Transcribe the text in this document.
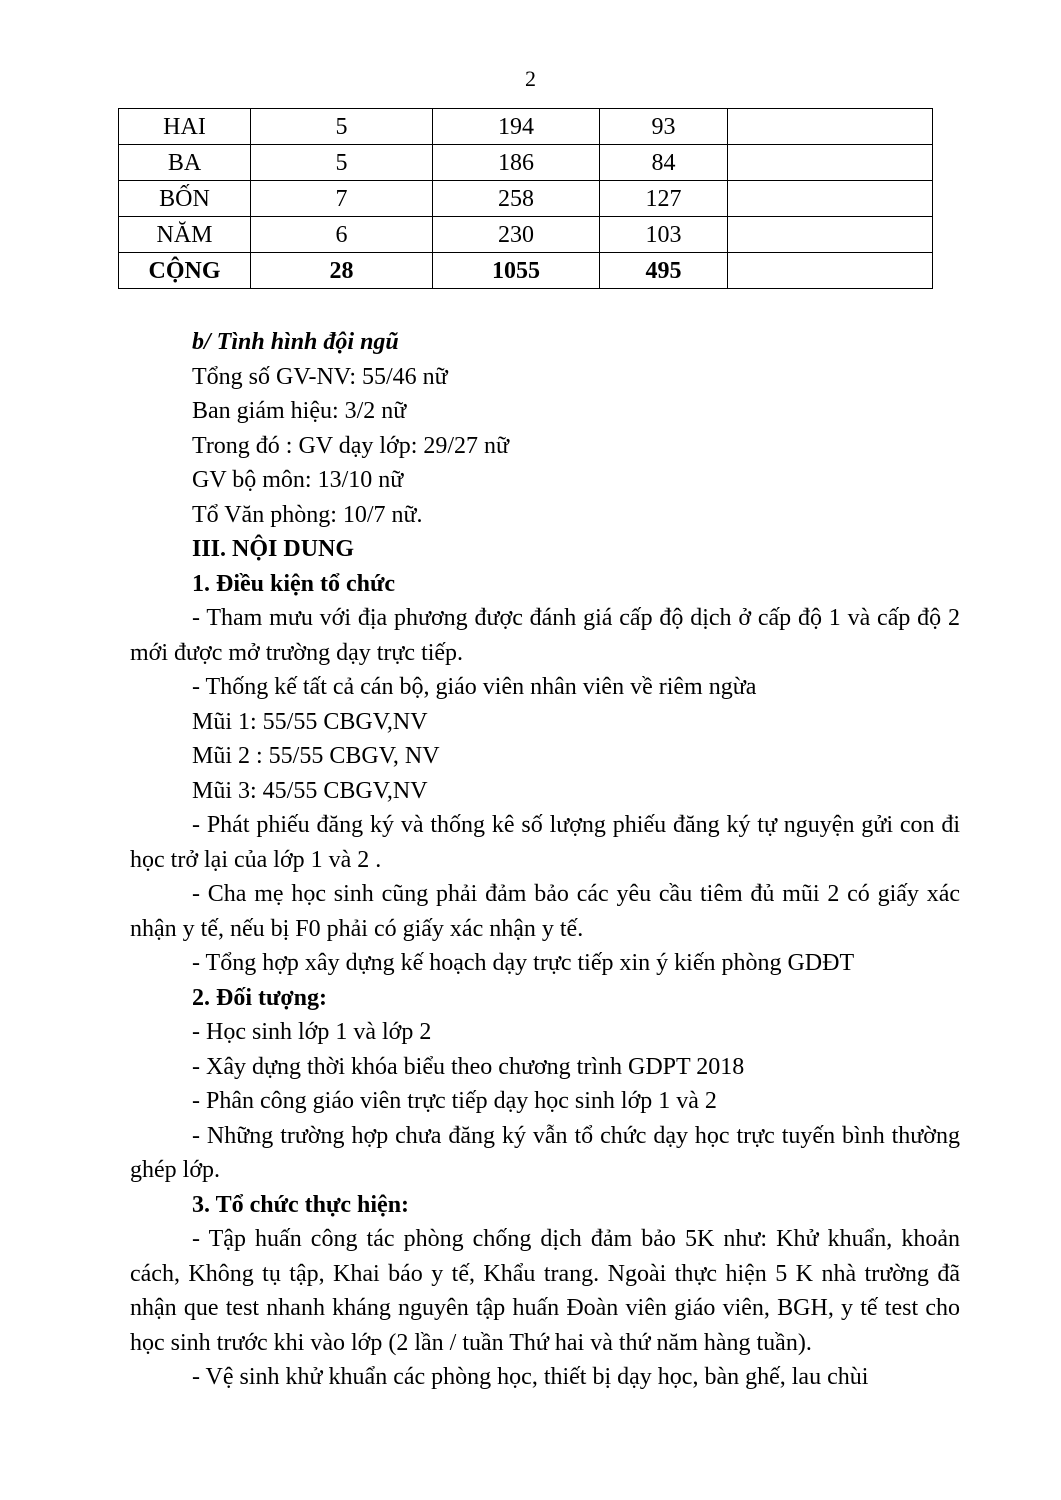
2
HAI	5	194	93	
BA	5	186	84	
BỐN	7	258	127	
NĂM	6	230	103	
CỘNG	28	1055	495	

b/ Tình hình đội ngũ

Tổng số GV-NV: 55/46 nữ

Ban giám hiệu: 3/2 nữ

Trong đó : GV dạy lớp: 29/27 nữ

GV bộ môn: 13/10 nữ

Tổ Văn phòng: 10/7 nữ.

III. NỘI DUNG

1. Điều kiện tổ chức

- Tham mưu với địa phương được đánh giá cấp độ dịch ở cấp độ 1 và cấp độ 2 mới được mở trường dạy trực tiếp.

- Thống kế tất cả cán bộ, giáo viên nhân viên về riêm ngừa

Mũi 1: 55/55 CBGV,NV

Mũi 2 : 55/55 CBGV, NV

Mũi 3: 45/55 CBGV,NV

- Phát phiếu đăng ký và thống kê số lượng phiếu đăng ký tự nguyện gửi con đi học trở lại của lớp 1 và 2 .

- Cha mẹ học sinh cũng phải đảm bảo các yêu cầu tiêm đủ mũi 2 có giấy xác nhận y tế, nếu bị F0 phải có giấy xác nhận y tế.

- Tổng hợp xây dựng kế hoạch dạy trực tiếp xin ý kiến phòng GDĐT

2. Đối tượng:

- Học sinh lớp 1 và lớp 2

- Xây dựng thời khóa biểu theo chương trình GDPT 2018

- Phân công giáo viên trực tiếp dạy học sinh lớp 1 và 2

- Những trường hợp chưa đăng ký vẫn tổ chức dạy học trực tuyến bình thường ghép lớp.

3. Tổ chức thực hiện:

- Tập huấn công tác phòng chống dịch đảm bảo 5K như: Khử khuẩn, khoản cách, Không tụ tập, Khai báo y tế, Khẩu trang. Ngoài thực hiện 5 K nhà trường đã nhận que test nhanh kháng nguyên tập huấn Đoàn viên giáo viên, BGH, y tế test cho học sinh trước khi vào lớp (2 lần / tuần Thứ hai và thứ năm hàng tuần).

- Vệ sinh khử khuẩn các phòng học, thiết bị dạy học, bàn ghế, lau chùi
